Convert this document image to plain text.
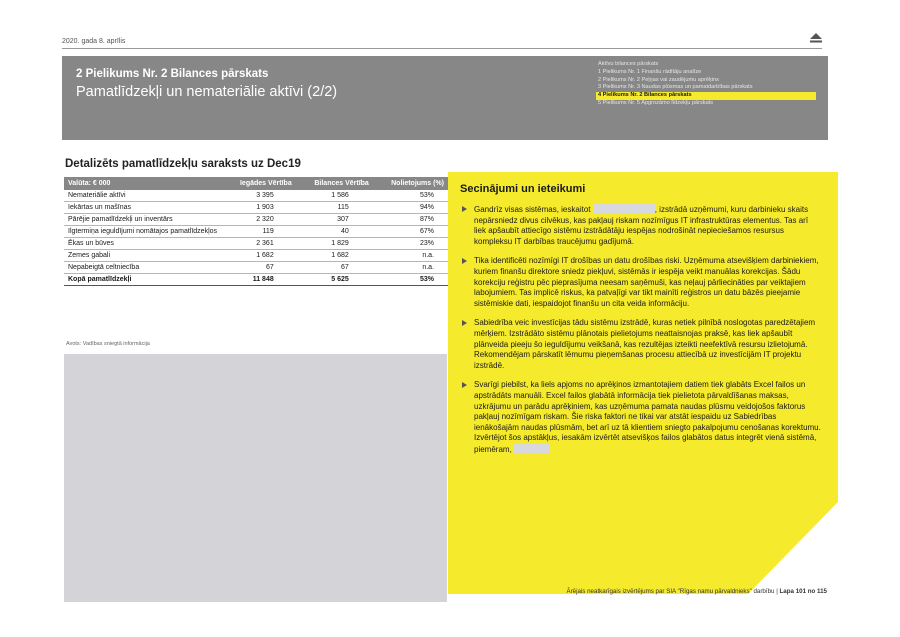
2020. gada 8. aprīlis
2 Pielikums Nr. 2 Bilances pārskats
Pamatlīdzekļi un nemateriālie aktīvi (2/2)
Aktīvu bilances pārskats
1 Pielikums Nr. 1 Finanšu rādītāju analīze
2 Pielikums Nr. 2 Peļņas vai zaudējumu aprēķins
3 Pielikums Nr. 3 Naudas plūsmas un pamatdarbības pārskats
4 Pielikums Nr. 2 Bilances pārskats
5 Pielikums Nr. 5 Apgrozāmo līdzekļu pārskats
Detalizēts pamatlīdzekļu saraksts uz Dec19
Valūta: € 000	Iegādes Vērtība	Bilances Vērtība	Nolietojums (%)
Nemateriālie aktīvi	3 395	1 586	53%
Iekārtas un mašīnas	1 903	115	94%
Pārējie pamatlīdzekļi un inventārs	2 320	307	87%
Ilgtermiņa ieguldījumi nomātajos pamatlīdzekļos	119	40	67%
Ēkas un būves	2 361	1 829	23%
Zemes gabali	1 682	1 682	n.a.
Nepabeigtā celtniecība	67	67	n.a.
Kopā pamatlīdzekļi	11 848	5 625	53%
Avots: Vadības sniegtā informācija
Secinājumi un ieteikumi
Gandrīz visas sistēmas, ieskaitot	, izstrādā uzņēmumi, kuru darbinieku skaits nepārsniedz divus cilvēkus, kas pakļauj riskam nozīmīgus IT infrastruktūras elementus. Tas arī liek apšaubīt attiecīgo sistēmu izstrādātāju iespējas nodrošināt nepieciešamos resursus kompleksu IT darbības traucējumu gadījumā.
Tika identificēti nozīmīgi IT drošības un datu drošības riski. Uzņēmuma atsevišķiem darbiniekiem, kuriem finanšu direktore sniedz piekļuvi, sistēmās ir iespēja veikt manuālas korekcijas. Šādu korekciju reģistru pēc pieprasījuma neesam saņēmuši, kas neļauj pārliecināties par veiktajiem labojumiem. Tas implicē riskus, ka patvaļīgi var tikt mainīti reģistros un datu bāzēs pieejamie sistēmiskie dati, iespaidojot finanšu un cita veida informāciju.
Sabiedrība veic investīcijas tādu sistēmu izstrādē, kuras netiek pilnībā noslogotas paredzētajiem mērķiem. Izstrādāto sistēmu plānotais pielietojums neattaisnojas praksē, kas liek apšaubīt plānveida pieeju šo ieguldījumu veikšanā, kas rezultējas izteikti neefektīvā resursu izlietojumā. Rekomendējam pārskatīt lēmumu pieņemšanas procesu attiecībā uz investīcijām IT projektu izstrādē.
Svarīgi piebilst, ka liels apjoms no aprēķinos izmantotajiem datiem tiek glabāts Excel failos un apstrādāts manuāli. Excel failos glabātā informācija tiek pielietota pārvaldīšanas maksas, uzkrājumu un parādu aprēķiniem, kas uzņēmuma pamata naudas plūsmu veidojošos faktorus pakļauj nozīmīgam riskam. Šie riska faktori ne tikai var atstāt iespaidu uz Sabiedrības ienākošajām naudas plūsmām, bet arī uz tā klientiem sniegto pakalpojumu cenošanas korektumu. Izvērtējot šos apstākļus, iesakām izvērtēt atsevišķos failos glabātos datus integrēt vienā sistēmā, piemēram,
Ārējais neatkarīgais izvērtējums par SIA "Rīgas namu pārvaldnieks" darbību | Lapa 101 no 115
